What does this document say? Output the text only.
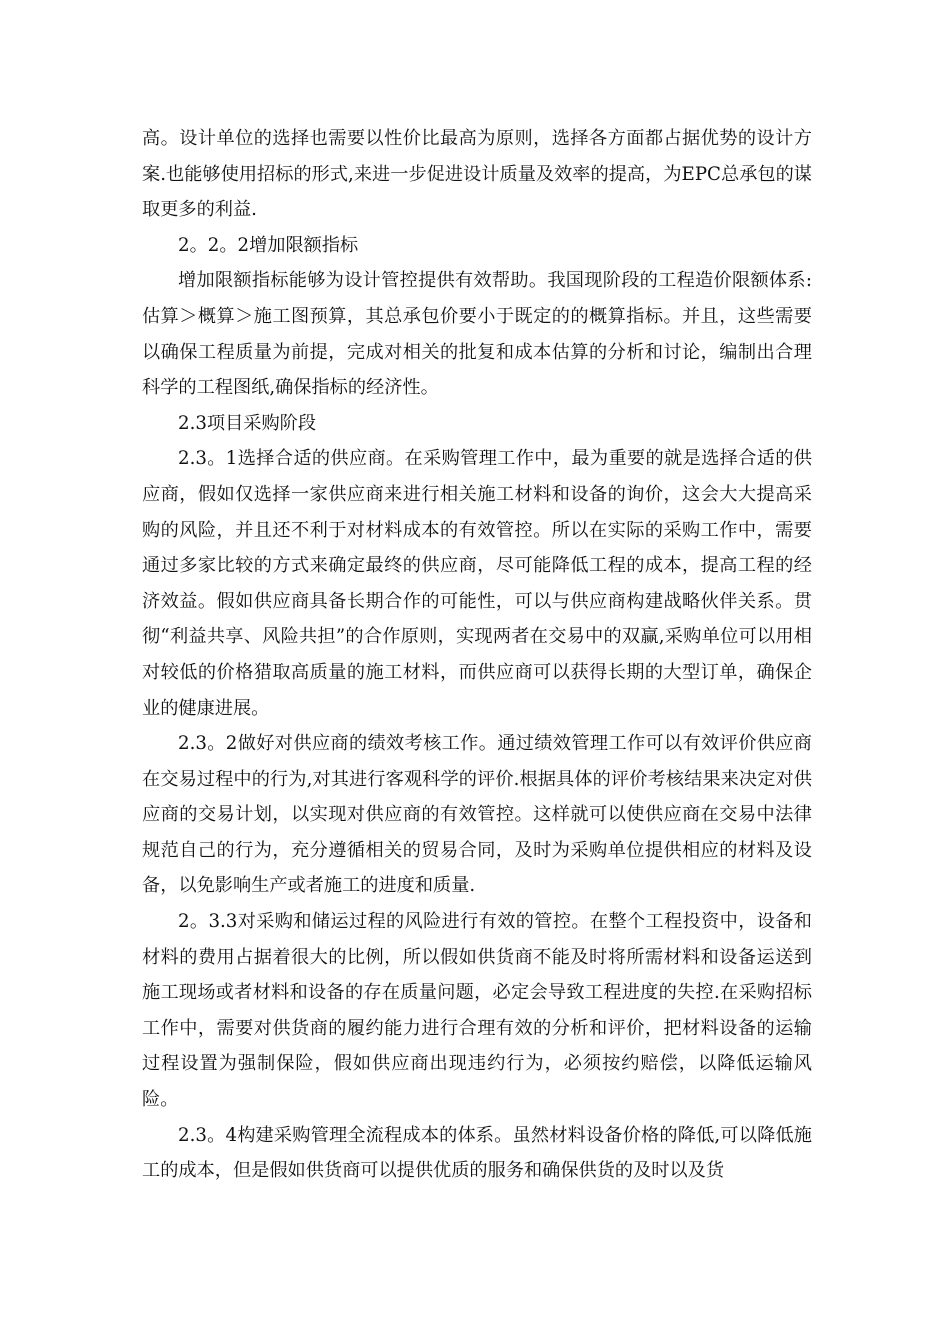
高。设计单位的选择也需要以性价比最高为原则，选择各方面都占据优势的设计方案.也能够使用招标的形式,来进一步促进设计质量及效率的提高，为EPC总承包的谋取更多的利益.

2。2。2增加限额指标

增加限额指标能够为设计管控提供有效帮助。我国现阶段的工程造价限额体系:估算＞概算＞施工图预算，其总承包价要小于既定的的概算指标。并且，这些需要以确保工程质量为前提，完成对相关的批复和成本估算的分析和讨论，编制出合理科学的工程图纸,确保指标的经济性。

2.3项目采购阶段

2.3。1选择合适的供应商。在采购管理工作中，最为重要的就是选择合适的供应商，假如仅选择一家供应商来进行相关施工材料和设备的询价，这会大大提高采购的风险，并且还不利于对材料成本的有效管控。所以在实际的采购工作中，需要通过多家比较的方式来确定最终的供应商，尽可能降低工程的成本，提高工程的经济效益。假如供应商具备长期合作的可能性，可以与供应商构建战略伙伴关系。贯彻“利益共享、风险共担”的合作原则，实现两者在交易中的双赢,采购单位可以用相对较低的价格猎取高质量的施工材料，而供应商可以获得长期的大型订单，确保企业的健康进展。

2.3。2做好对供应商的绩效考核工作。通过绩效管理工作可以有效评价供应商在交易过程中的行为,对其进行客观科学的评价.根据具体的评价考核结果来决定对供应商的交易计划，以实现对供应商的有效管控。这样就可以使供应商在交易中法律规范自己的行为，充分遵循相关的贸易合同，及时为采购单位提供相应的材料及设备，以免影响生产或者施工的进度和质量.

2。3.3对采购和储运过程的风险进行有效的管控。在整个工程投资中，设备和材料的费用占据着很大的比例，所以假如供货商不能及时将所需材料和设备运送到施工现场或者材料和设备的存在质量问题，必定会导致工程进度的失控.在采购招标工作中，需要对供货商的履约能力进行合理有效的分析和评价，把材料设备的运输过程设置为强制保险，假如供应商出现违约行为，必须按约赔偿，以降低运输风险。

2.3。4构建采购管理全流程成本的体系。虽然材料设备价格的降低,可以降低施工的成本，但是假如供货商可以提供优质的服务和确保供货的及时以及货
